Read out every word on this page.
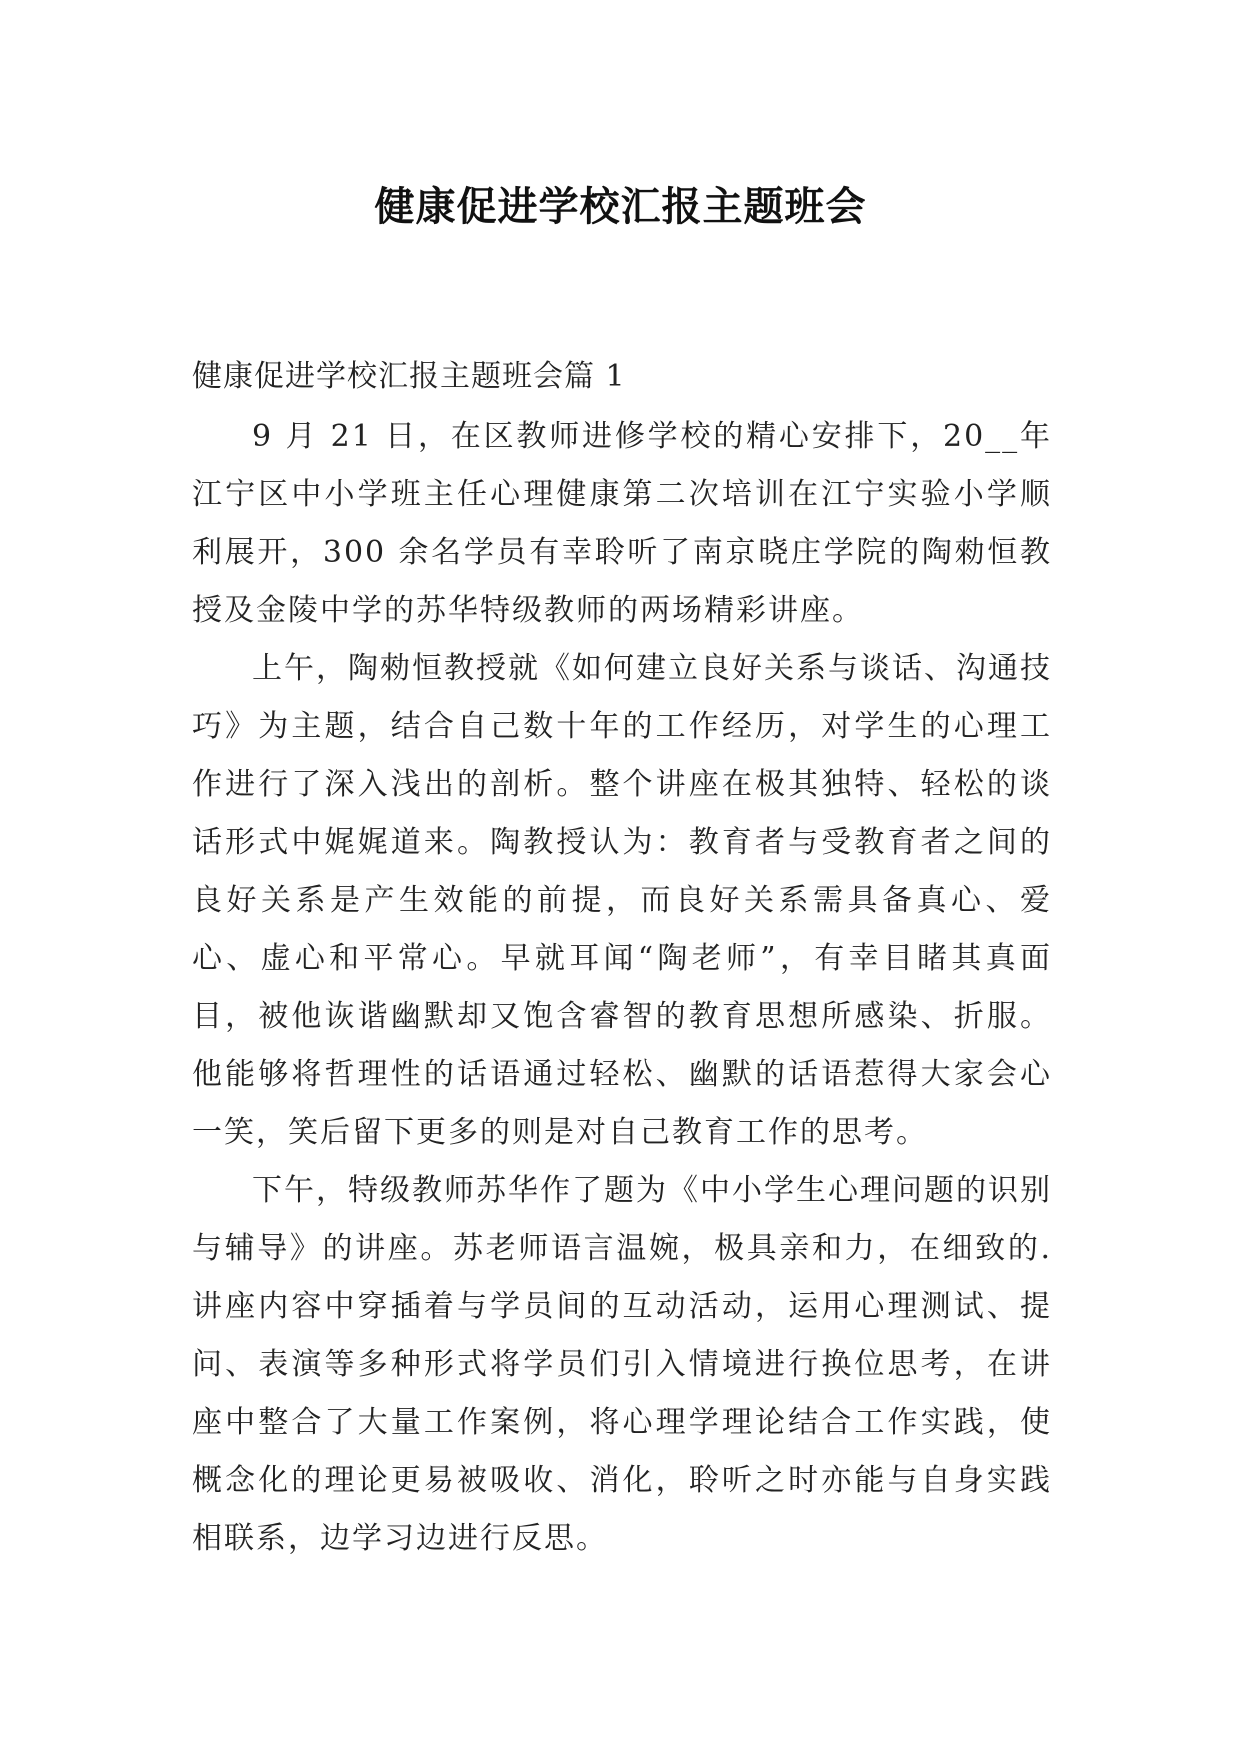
健康促进学校汇报主题班会

健康促进学校汇报主题班会篇 1

9 月 21 日，在区教师进修学校的精心安排下，20__年江宁区中小学班主任心理健康第二次培训在江宁实验小学顺利展开，300 余名学员有幸聆听了南京晓庄学院的陶勑恒教授及金陵中学的苏华特级教师的两场精彩讲座。

上午，陶勑恒教授就《如何建立良好关系与谈话、沟通技巧》为主题，结合自己数十年的工作经历，对学生的心理工作进行了深入浅出的剖析。整个讲座在极其独特、轻松的谈话形式中娓娓道来。陶教授认为：教育者与受教育者之间的良好关系是产生效能的前提，而良好关系需具备真心、爱心、虚心和平常心。早就耳闻“陶老师”，有幸目睹其真面目，被他诙谐幽默却又饱含睿智的教育思想所感染、折服。他能够将哲理性的话语通过轻松、幽默的话语惹得大家会心一笑，笑后留下更多的则是对自己教育工作的思考。

下午，特级教师苏华作了题为《中小学生心理问题的识别与辅导》的讲座。苏老师语言温婉，极具亲和力，在细致的.讲座内容中穿插着与学员间的互动活动，运用心理测试、提问、表演等多种形式将学员们引入情境进行换位思考，在讲座中整合了大量工作案例，将心理学理论结合工作实践，使概念化的理论更易被吸收、消化，聆听之时亦能与自身实践相联系，边学习边进行反思。
